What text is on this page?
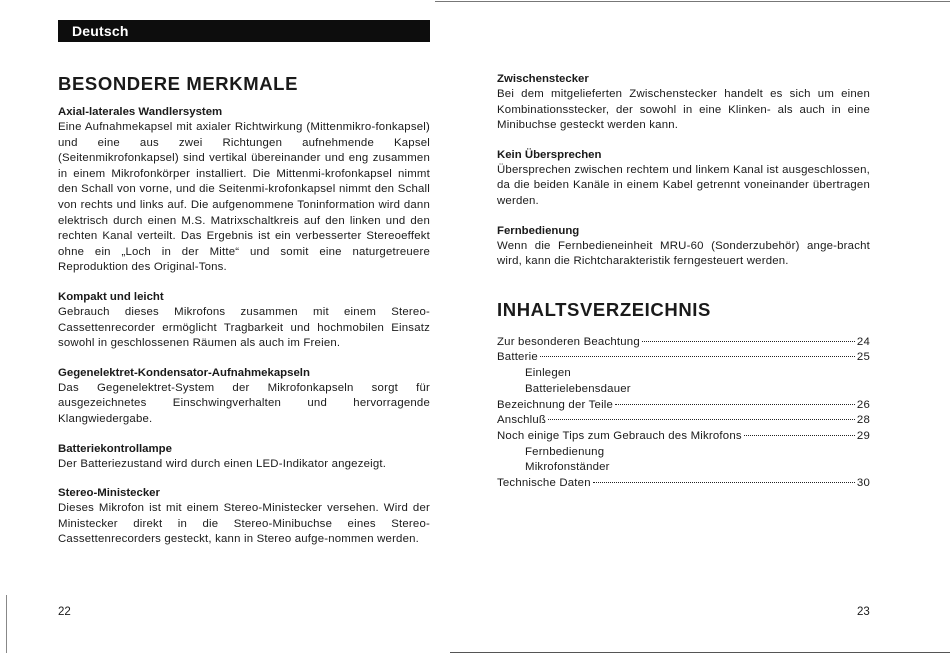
Deutsch
BESONDERE MERKMALE
Axial-laterales Wandlersystem

Eine Aufnahmekapsel mit axialer Richtwirkung (Mittenmikro-fonkapsel) und eine aus zwei Richtungen aufnehmende Kapsel (Seitenmikrofonkapsel) sind vertikal übereinander und eng zusammen in einem Mikrofonkörper installiert. Die Mittenmi-krofonkapsel nimmt den Schall von vorne, und die Seitenmi-krofonkapsel nimmt den Schall von rechts und links auf. Die aufgenommene Toninformation wird dann elektrisch durch einen M.S. Matrixschaltkreis auf den linken und den rechten Kanal verteilt. Das Ergebnis ist ein verbesserter Stereoeffekt ohne ein „Loch in der Mitte“ und somit eine naturgetreuere Reproduktion des Original-Tons.

Kompakt und leicht

Gebrauch dieses Mikrofons zusammen mit einem Stereo-Cassettenrecorder ermöglicht Tragbarkeit und hochmobilen Einsatz sowohl in geschlossenen Räumen als auch im Freien.

Gegenelektret-Kondensator-Aufnahmekapseln

Das Gegenelektret-System der Mikrofonkapseln sorgt für ausgezeichnetes Einschwingverhalten und hervorragende Klangwiedergabe.

Batteriekontrollampe

Der Batteriezustand wird durch einen LED-Indikator angezeigt.

Stereo-Ministecker

Dieses Mikrofon ist mit einem Stereo-Ministecker versehen. Wird der Ministecker direkt in die Stereo-Minibuchse eines Stereo-Cassettenrecorders gesteckt, kann in Stereo aufge-nommen werden.

22
Zwischenstecker

Bei dem mitgelieferten Zwischenstecker handelt es sich um einen Kombinationsstecker, der sowohl in eine Klinken- als auch in eine Minibuchse gesteckt werden kann.

Kein Übersprechen

Übersprechen zwischen rechtem und linkem Kanal ist ausgeschlossen, da die beiden Kanäle in einem Kabel getrennt voneinander übertragen werden.

Fernbedienung

Wenn die Fernbedieneinheit MRU-60 (Sonderzubehör) ange-bracht wird, kann die Richtcharakteristik ferngesteuert werden.

INHALTSVERZEICHNIS
Zur besonderen Beachtung	24
Batterie	25
Einlegen
Batterielebensdauer
Bezeichnung der Teile	26
Anschluß	28
Noch einige Tips zum Gebrauch des Mikrofons	29
Fernbedienung
Mikrofonständer
Technische Daten	30
23
